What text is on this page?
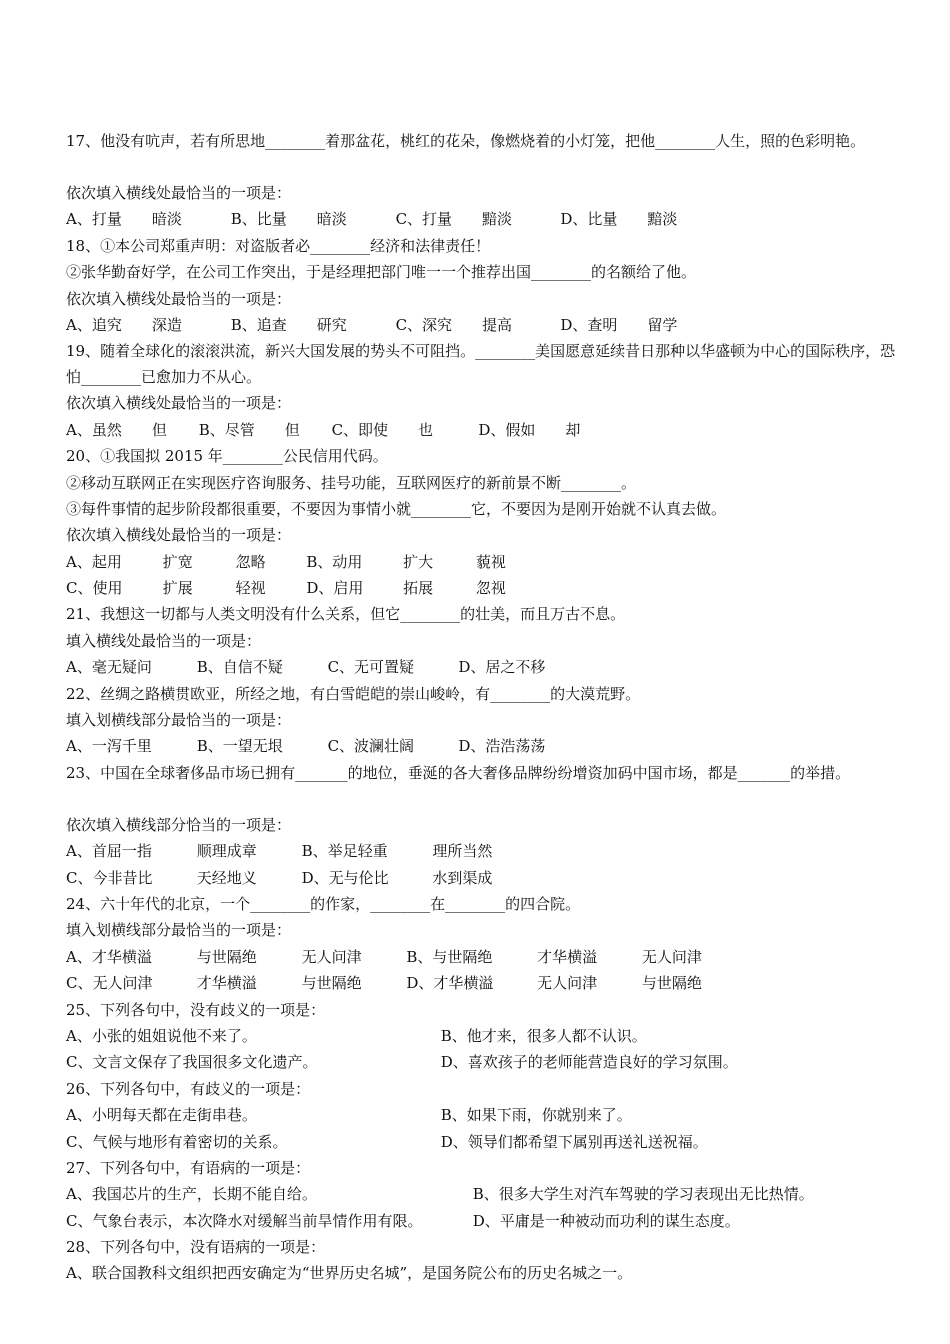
17、他没有吭声，若有所思地________着那盆花，桃红的花朵，像燃烧着的小灯笼，把他________人生，照的色彩明艳。
依次填入横线处最恰当的一项是：
A、打量　　暗淡	B、比量　　暗淡	C、打量　　黯淡	D、比量　　黯淡
18、①本公司郑重声明：对盗版者必________经济和法律责任！
②张华勤奋好学，在公司工作突出，于是经理把部门唯一一个推荐出国________的名额给了他。
依次填入横线处最恰当的一项是：
A、追究　　深造	B、追查　　研究	C、深究　　提高	D、查明　　留学
19、随着全球化的滚滚洪流，新兴大国发展的势头不可阻挡。________美国愿意延续昔日那种以华盛顿为中心的国际秩序，恐怕________已愈加力不从心。
依次填入横线处最恰当的一项是：
A、虽然　　但 B、尽管　　但 C、即使　　也	D、假如　　却
20、①我国拟 2015 年________公民信用代码。
②移动互联网正在实现医疗咨询服务、挂号功能，互联网医疗的新前景不断________。
③每件事情的起步阶段都很重要，不要因为事情小就________它，不要因为是刚开始就不认真去做。
依次填入横线处最恰当的一项是：
A、起用	扩宽	忽略	B、动用	扩大	藐视
C、使用	扩展	轻视	D、启用	拓展	忽视
21、我想这一切都与人类文明没有什么关系，但它________的壮美，而且万古不息。
填入横线处最恰当的一项是：
A、毫无疑问	B、自信不疑	C、无可置疑	D、居之不移
22、丝绸之路横贯欧亚，所经之地，有白雪皑皑的崇山峻岭，有________的大漠荒野。
填入划横线部分最恰当的一项是：
A、一泻千里	B、一望无垠	C、波澜壮阔	D、浩浩荡荡
23、中国在全球奢侈品市场已拥有_______的地位，垂涎的各大奢侈品牌纷纷增资加码中国市场，都是_______的举措。
依次填入横线部分恰当的一项是：
A、首屈一指	顺理成章	B、举足轻重	理所当然
C、今非昔比	天经地义	D、无与伦比	水到渠成
24、六十年代的北京，一个________的作家，________在________的四合院。
填入划横线部分最恰当的一项是：
A、才华横溢	与世隔绝	无人问津	B、与世隔绝	才华横溢	无人问津
C、无人问津	才华横溢	与世隔绝	D、才华横溢	无人问津	与世隔绝
25、下列各句中，没有歧义的一项是：
A、小张的姐姐说他不来了。	B、他才来，很多人都不认识。
C、文言文保存了我国很多文化遗产。	D、喜欢孩子的老师能营造良好的学习氛围。
26、下列各句中，有歧义的一项是：
A、小明每天都在走街串巷。	B、如果下雨，你就别来了。
C、气候与地形有着密切的关系。	D、领导们都希望下属别再送礼送祝福。
27、下列各句中，有语病的一项是：
A、我国芯片的生产，长期不能自给。	B、很多大学生对汽车驾驶的学习表现出无比热情。
C、气象台表示，本次降水对缓解当前旱情作用有限。	D、平庸是一种被动而功利的谋生态度。
28、下列各句中，没有语病的一项是：
A、联合国教科文组织把西安确定为“世界历史名城”，是国务院公布的历史名城之一。
